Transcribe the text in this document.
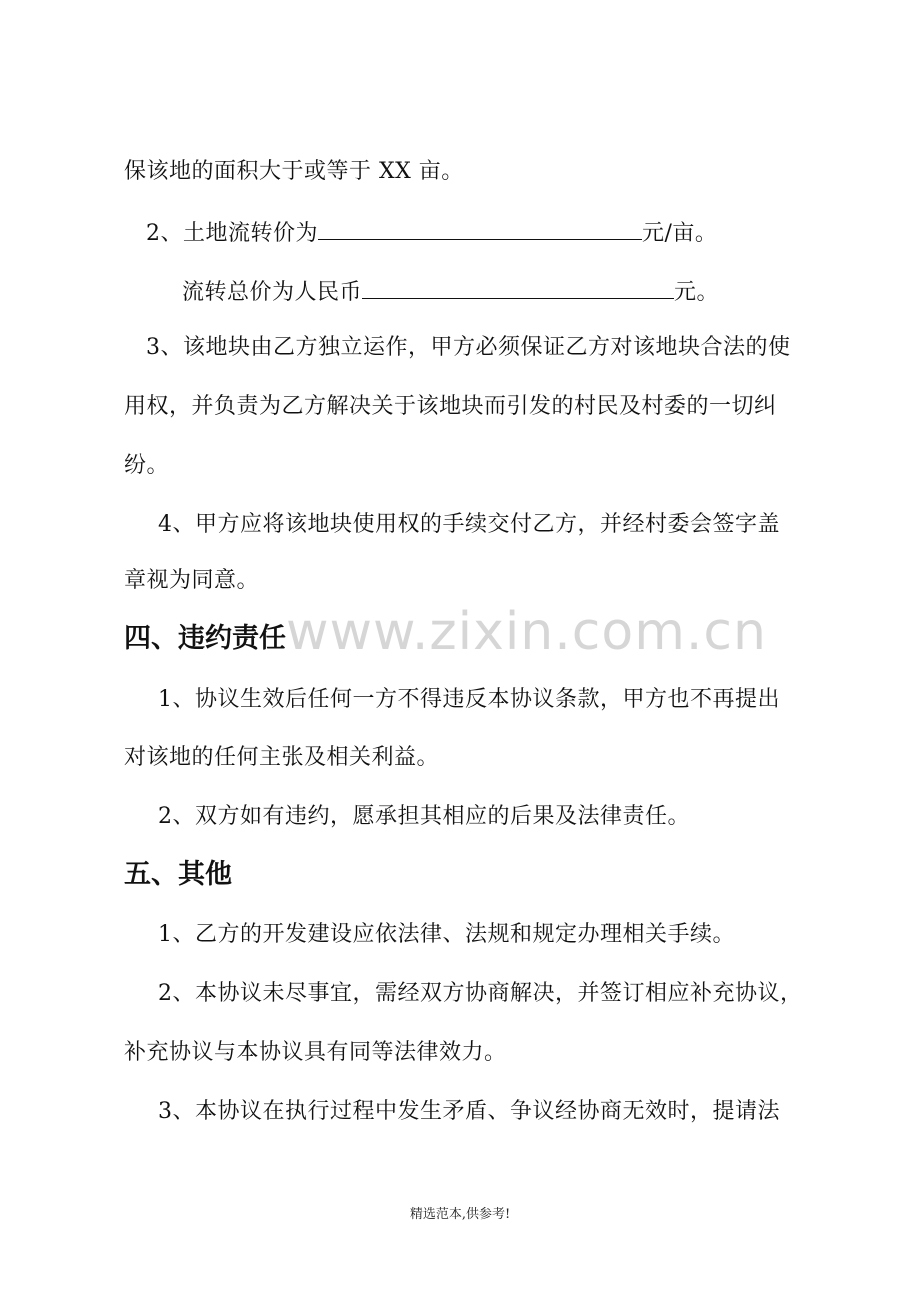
www.zixin.com.cn
保该地的面积大于或等于 XX 亩。
2、土地流转价为	元/亩。
流转总价为人民币	元。
3、该地块由乙方独立运作，甲方必须保证乙方对该地块合法的使
用权，并负责为乙方解决关于该地块而引发的村民及村委的一切纠
纷。
4、甲方应将该地块使用权的手续交付乙方，并经村委会签字盖
章视为同意。
四、违约责任
1、协议生效后任何一方不得违反本协议条款，甲方也不再提出
对该地的任何主张及相关利益。
2、双方如有违约，愿承担其相应的后果及法律责任。
五、其他
1、乙方的开发建设应依法律、法规和规定办理相关手续。
2、本协议未尽事宜，需经双方协商解决，并签订相应补充协议，
补充协议与本协议具有同等法律效力。
3、本协议在执行过程中发生矛盾、争议经协商无效时，提请法
精选范本,供参考!
